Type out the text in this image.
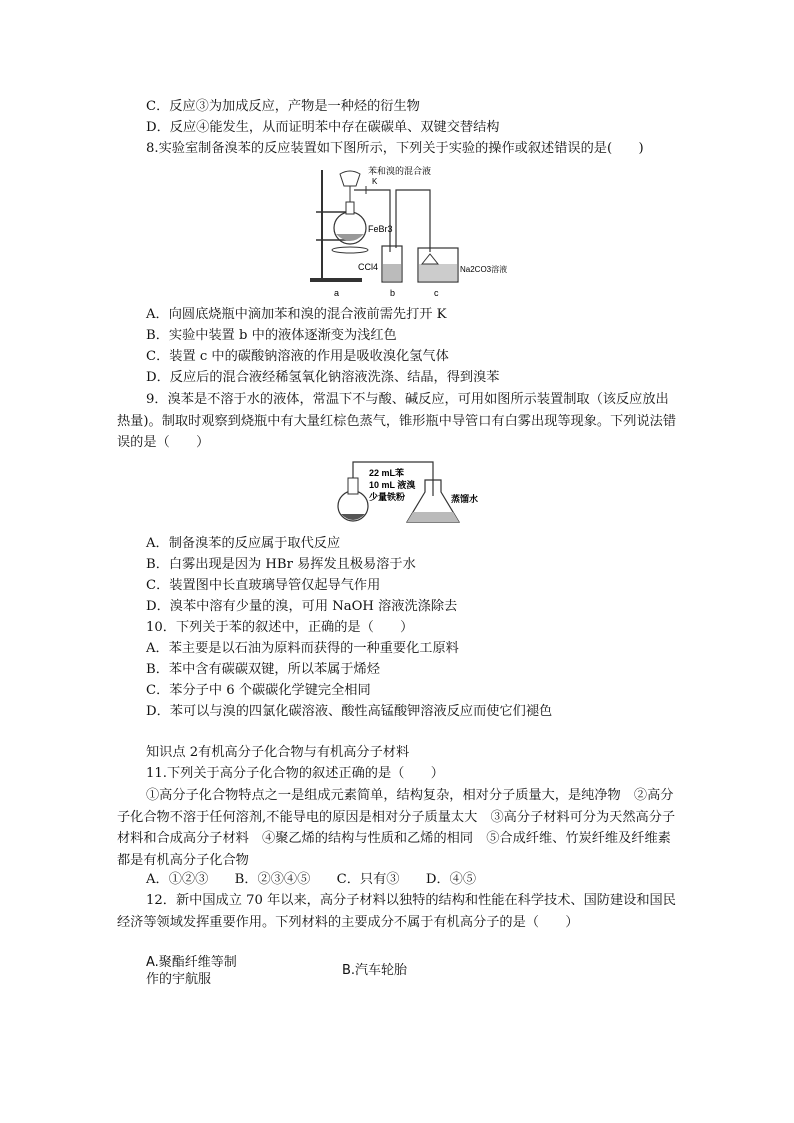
C．反应③为加成反应，产物是一种烃的衍生物
D．反应④能发生，从而证明苯中存在碳碳单、双键交替结构
8.实验室制备溴苯的反应装置如下图所示，下列关于实验的操作或叙述错误的是(　　)
苯和溴的混合液
K
FeBr3
CCl4	Na2CO3溶液
a	b	c
A．向圆底烧瓶中滴加苯和溴的混合液前需先打开 K
B．实验中装置 b 中的液体逐渐变为浅红色
C．装置 c 中的碳酸钠溶液的作用是吸收溴化氢气体
D．反应后的混合液经稀氢氧化钠溶液洗涤、结晶，得到溴苯
9．溴苯是不溶于水的液体，常温下不与酸、碱反应，可用如图所示装置制取（该反应放出热量)。制取时观察到烧瓶中有大量红棕色蒸气，锥形瓶中导管口有白雾出现等现象。下列说法错误的是（　　）
22 mL苯
10 mL 液溴
少量铁粉	蒸馏水
A．制备溴苯的反应属于取代反应
B．白雾出现是因为 HBr 易挥发且极易溶于水
C．装置图中长直玻璃导管仅起导气作用
D．溴苯中溶有少量的溴，可用 NaOH 溶液洗涤除去
10．下列关于苯的叙述中，正确的是（　　）
A．苯主要是以石油为原料而获得的一种重要化工原料
B．苯中含有碳碳双键，所以苯属于烯烃
C．苯分子中 6 个碳碳化学键完全相同
D．苯可以与溴的四氯化碳溶液、酸性高锰酸钾溶液反应而使它们褪色
知识点 2有机高分子化合物与有机高分子材料
11.下列关于高分子化合物的叙述正确的是（　　）
①高分子化合物特点之一是组成元素简单，结构复杂，相对分子质量大，是纯净物　②高分子化合物不溶于任何溶剂,不能导电的原因是相对分子质量太大　③高分子材料可分为天然高分子材料和合成高分子材料　④聚乙烯的结构与性质和乙烯的相同　⑤合成纤维、竹炭纤维及纤维素都是有机高分子化合物
A．①②③　　B．②③④⑤　　C．只有③　　D．④⑤
12．新中国成立 70 年以来，高分子材料以独特的结构和性能在科学技术、国防建设和国民经济等领域发挥重要作用。下列材料的主要成分不属于有机高分子的是（　　）
A.聚酯纤维等制
作的宇航服
B.汽车轮胎
